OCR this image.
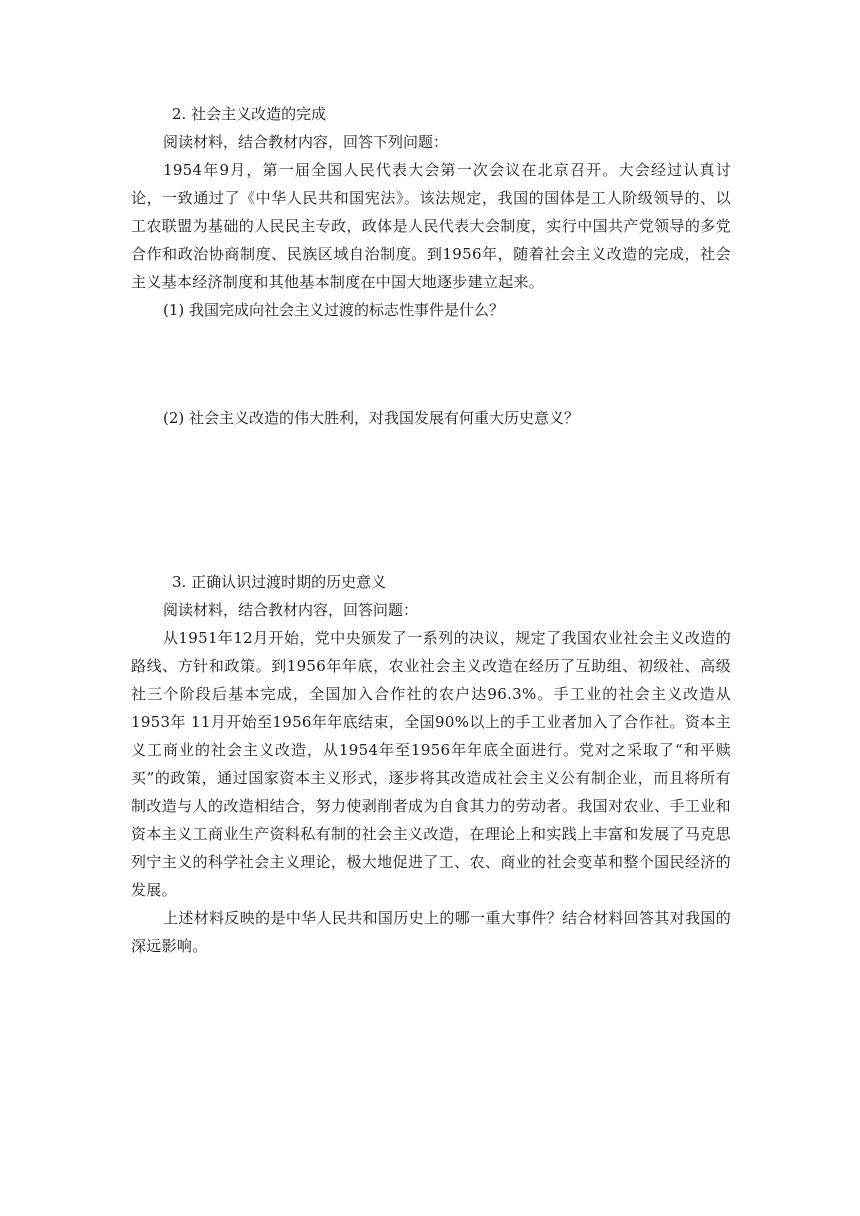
2. 社会主义改造的完成

阅读材料，结合教材内容，回答下列问题：

1954年9月，第一届全国人民代表大会第一次会议在北京召开。大会经过认真讨论，一致通过了《中华人民共和国宪法》。该法规定，我国的国体是工人阶级领导的、以工农联盟为基础的人民民主专政，政体是人民代表大会制度，实行中国共产党领导的多党合作和政治协商制度、民族区域自治制度。到1956年，随着社会主义改造的完成，社会主义基本经济制度和其他基本制度在中国大地逐步建立起来。

(1) 我国完成向社会主义过渡的标志性事件是什么？

(2) 社会主义改造的伟大胜利，对我国发展有何重大历史意义？

3. 正确认识过渡时期的历史意义

阅读材料，结合教材内容，回答问题：

从1951年12月开始，党中央颁发了一系列的决议，规定了我国农业社会主义改造的路线、方针和政策。到1956年年底，农业社会主义改造在经历了互助组、初级社、高级社三个阶段后基本完成，全国加入合作社的农户达96.3%。手工业的社会主义改造从1953年 11月开始至1956年年底结束，全国90%以上的手工业者加入了合作社。资本主义工商业的社会主义改造，从1954年至1956年年底全面进行。党对之采取了“和平赎买”的政策，通过国家资本主义形式，逐步将其改造成社会主义公有制企业，而且将所有制改造与人的改造相结合，努力使剥削者成为自食其力的劳动者。我国对农业、手工业和资本主义工商业生产资料私有制的社会主义改造，在理论上和实践上丰富和发展了马克思列宁主义的科学社会主义理论，极大地促进了工、农、商业的社会变革和整个国民经济的发展。

上述材料反映的是中华人民共和国历史上的哪一重大事件？结合材料回答其对我国的深远影响。
